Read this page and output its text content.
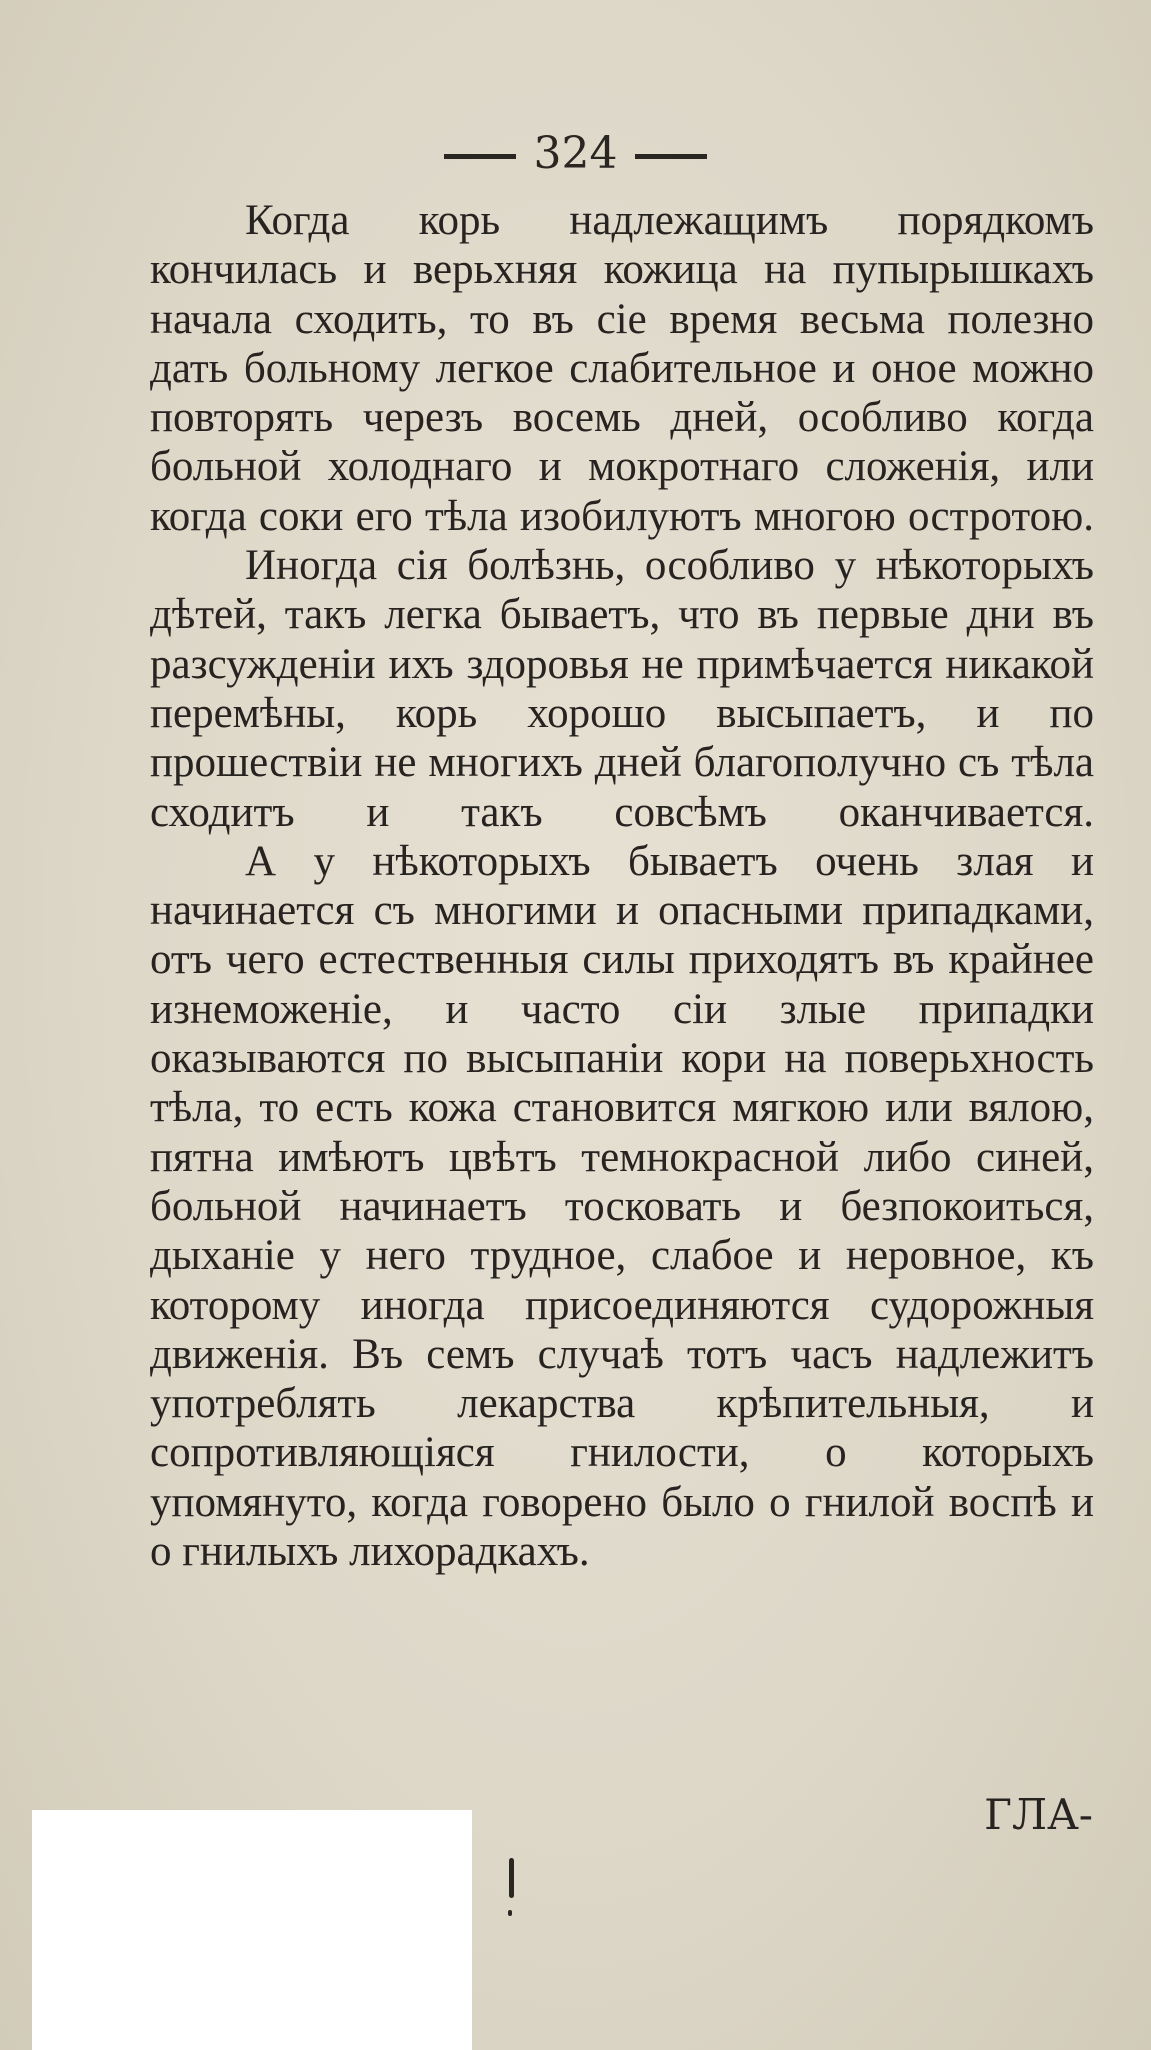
324

Когда корь надлежащимъ порядкомъ кончилась и верьхняя кожица на пупырышкахъ начала сходить, то въ сiе время весьма полезно дать больному легкое слабительное и оное можно повторять черезъ восемь дней, особливо когда больной холоднаго и мокротнаго сложенiя, или когда соки его тѣла изобилуютъ многою остротою.

Иногда сiя болѣзнь, особливо у нѣкоторыхъ дѣтей, такъ легка бываетъ, что въ первые дни въ разсужденiи ихъ здоровья не примѣчается никакой перемѣны, корь хорошо высыпаетъ, и по прошествiи не многихъ дней благополучно съ тѣла сходитъ и такъ совсѣмъ оканчивается.

А у нѣкоторыхъ бываетъ очень злая и начинается съ многими и опасными припадками, отъ чего естественныя силы приходятъ въ крайнее изнеможенiе, и часто сiи злые припадки оказываются по высыпанiи кори на поверьхность тѣла, то есть кожа становится мягкою или вялою, пятна имѣютъ цвѣтъ темнокрасной либо синей, больной начинаетъ тосковать и безпокоиться, дыханiе у него трудное, слабое и неровное, къ которому иногда присоединяются судорожныя движенiя. Въ семъ случаѣ тотъ часъ надлежитъ употреблять лекарства крѣпительныя, и сопротивляющiяся гнилости, о которыхъ упомянуто, когда говорено было о гнилой воспѣ и о гнилыхъ лихорадкахъ.

ГЛА-
